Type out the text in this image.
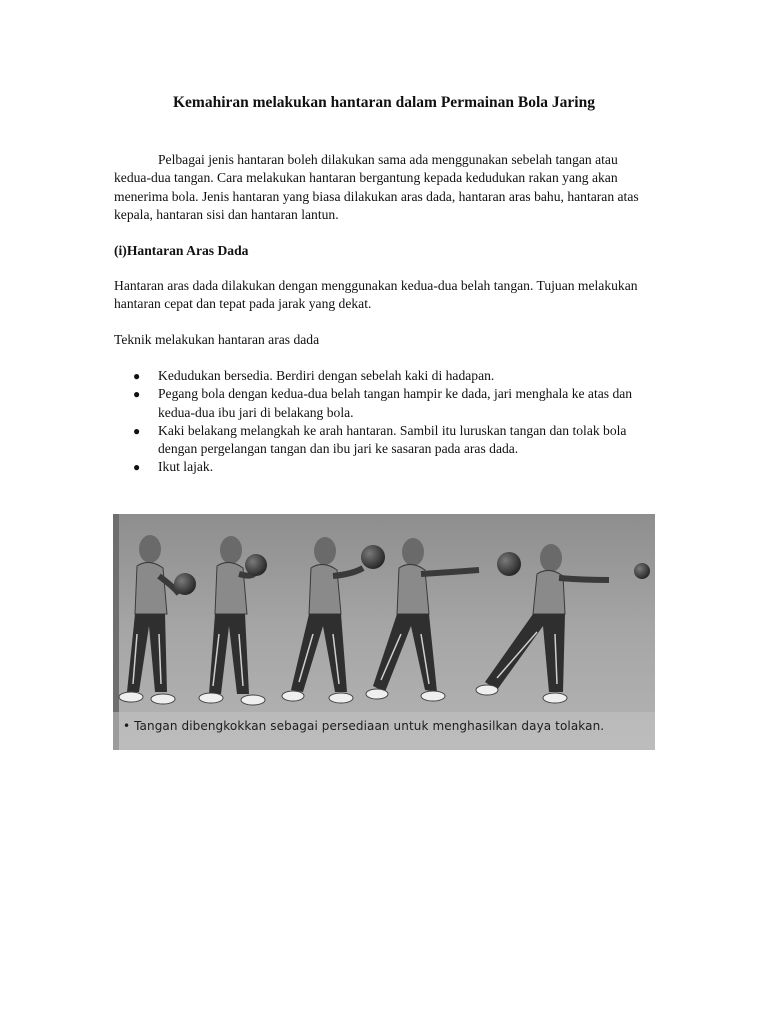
Kemahiran melakukan hantaran dalam Permainan Bola Jaring

Pelbagai jenis hantaran boleh dilakukan sama ada menggunakan sebelah tangan atau kedua-dua tangan. Cara melakukan hantaran bergantung kepada kedudukan rakan yang akan menerima bola. Jenis hantaran yang biasa dilakukan aras dada, hantaran aras bahu, hantaran atas kepala, hantaran sisi dan hantaran lantun.

(i)Hantaran Aras Dada

Hantaran aras dada dilakukan dengan menggunakan kedua-dua belah tangan. Tujuan melakukan hantaran cepat dan tepat pada jarak yang dekat.

Teknik melakukan hantaran aras dada

● Kedudukan bersedia. Berdiri dengan sebelah kaki di hadapan.
● Pegang bola dengan kedua-dua belah tangan hampir ke dada, jari menghala ke atas dan kedua-dua ibu jari di belakang bola.
● Kaki belakang melangkah ke arah hantaran. Sambil itu luruskan tangan dan tolak bola dengan pergelangan tangan dan ibu jari ke sasaran pada aras dada.
● Ikut lajak.
• Tangan dibengkokkan sebagai persediaan untuk menghasilkan daya tolakan.
